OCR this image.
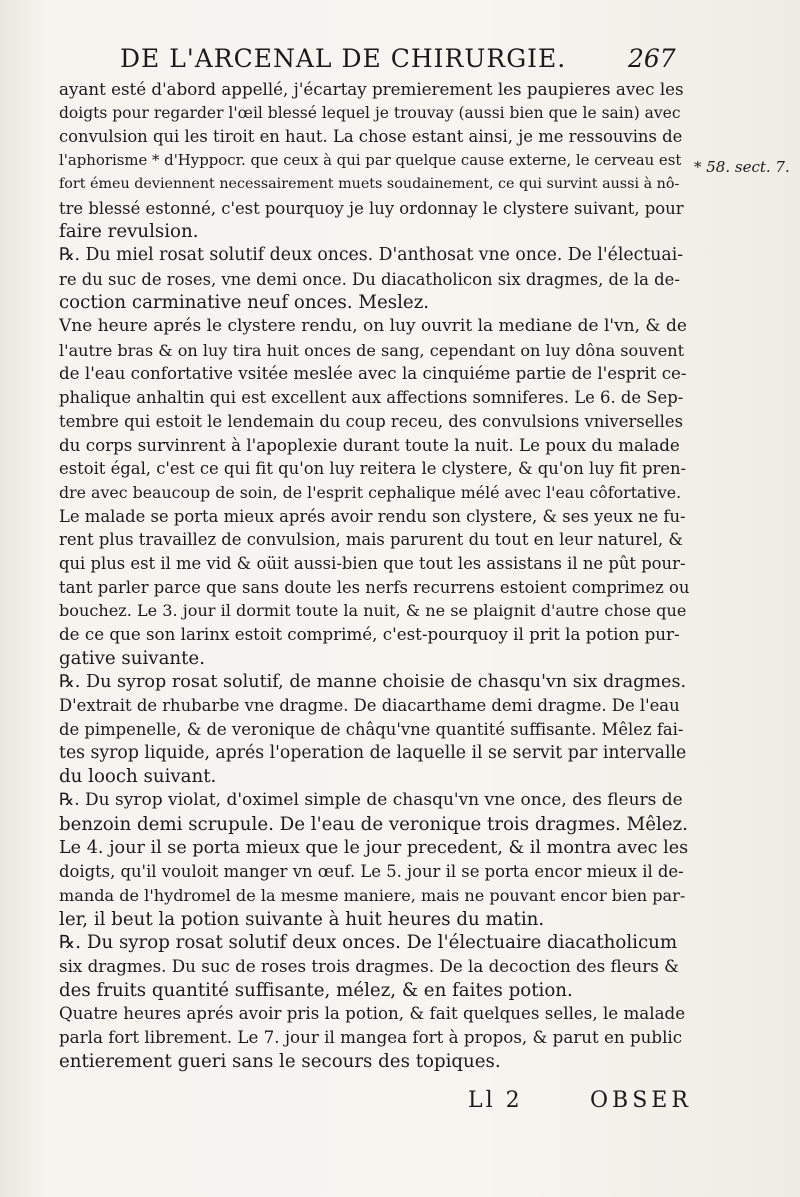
DE L'ARCENAL DE CHIRURGIE.	267
* 58. sect. 7.
ayant esté d'abord appellé, j'écartay premierement les paupieres avec les
doigts pour regarder l'œil blessé lequel je trouvay (aussi bien que le sain) avec
convulsion qui les tiroit en haut. La chose estant ainsi, je me ressouvins de
l'aphorisme * d'Hyppocr. que ceux à qui par quelque cause externe, le cerveau est
fort émeu deviennent necessairement muets soudainement, ce qui survint aussi à nô-
tre blessé estonné, c'est pourquoy je luy ordonnay le clystere suivant, pour
faire revulsion.
℞. Du miel rosat solutif deux onces. D'anthosat vne once. De l'électuai-
re du suc de roses, vne demi once. Du diacatholicon six dragmes, de la de-
coction carminative neuf onces. Meslez.
Vne heure aprés le clystere rendu, on luy ouvrit la mediane de l'vn, & de
l'autre bras & on luy tira huit onces de sang, cependant on luy dôna souvent
de l'eau confortative vsitée meslée avec la cinquiéme partie de l'esprit ce-
phalique anhaltin qui est excellent aux affections somniferes. Le 6. de Sep-
tembre qui estoit le lendemain du coup receu, des convulsions vniverselles
du corps survinrent à l'apoplexie durant toute la nuit. Le poux du malade
estoit égal, c'est ce qui fit qu'on luy reitera le clystere, & qu'on luy fit pren-
dre avec beaucoup de soin, de l'esprit cephalique mélé avec l'eau côfortative.
Le malade se porta mieux aprés avoir rendu son clystere, & ses yeux ne fu-
rent plus travaillez de convulsion, mais parurent du tout en leur naturel, &
qui plus est il me vid & oüit aussi-bien que tout les assistans il ne pût pour-
tant parler parce que sans doute les nerfs recurrens estoient comprimez ou
bouchez. Le 3. jour il dormit toute la nuit, & ne se plaignit d'autre chose que
de ce que son larinx estoit comprimé, c'est-pourquoy il prit la potion pur-
gative suivante.
℞. Du syrop rosat solutif, de manne choisie de chasqu'vn six dragmes.
D'extrait de rhubarbe vne dragme. De diacarthame demi dragme. De l'eau
de pimpenelle, & de veronique de châqu'vne quantité suffisante. Mêlez fai-
tes syrop liquide, aprés l'operation de laquelle il se servit par intervalle
du looch suivant.
℞. Du syrop violat, d'oximel simple de chasqu'vn vne once, des fleurs de
benzoin demi scrupule. De l'eau de veronique trois dragmes. Mêlez.
Le 4. jour il se porta mieux que le jour precedent, & il montra avec les
doigts, qu'il vouloit manger vn œuf. Le 5. jour il se porta encor mieux il de-
manda de l'hydromel de la mesme maniere, mais ne pouvant encor bien par-
ler, il beut la potion suivante à huit heures du matin.
℞. Du syrop rosat solutif deux onces. De l'électuaire diacatholicum
six dragmes. Du suc de roses trois dragmes. De la decoction des fleurs &
des fruits quantité suffisante, mélez, & en faites potion.
Quatre heures aprés avoir pris la potion, & fait quelques selles, le malade
parla fort librement. Le 7. jour il mangea fort à propos, & parut en public
entierement gueri sans le secours des topiques.
Ll 2	OBSER
